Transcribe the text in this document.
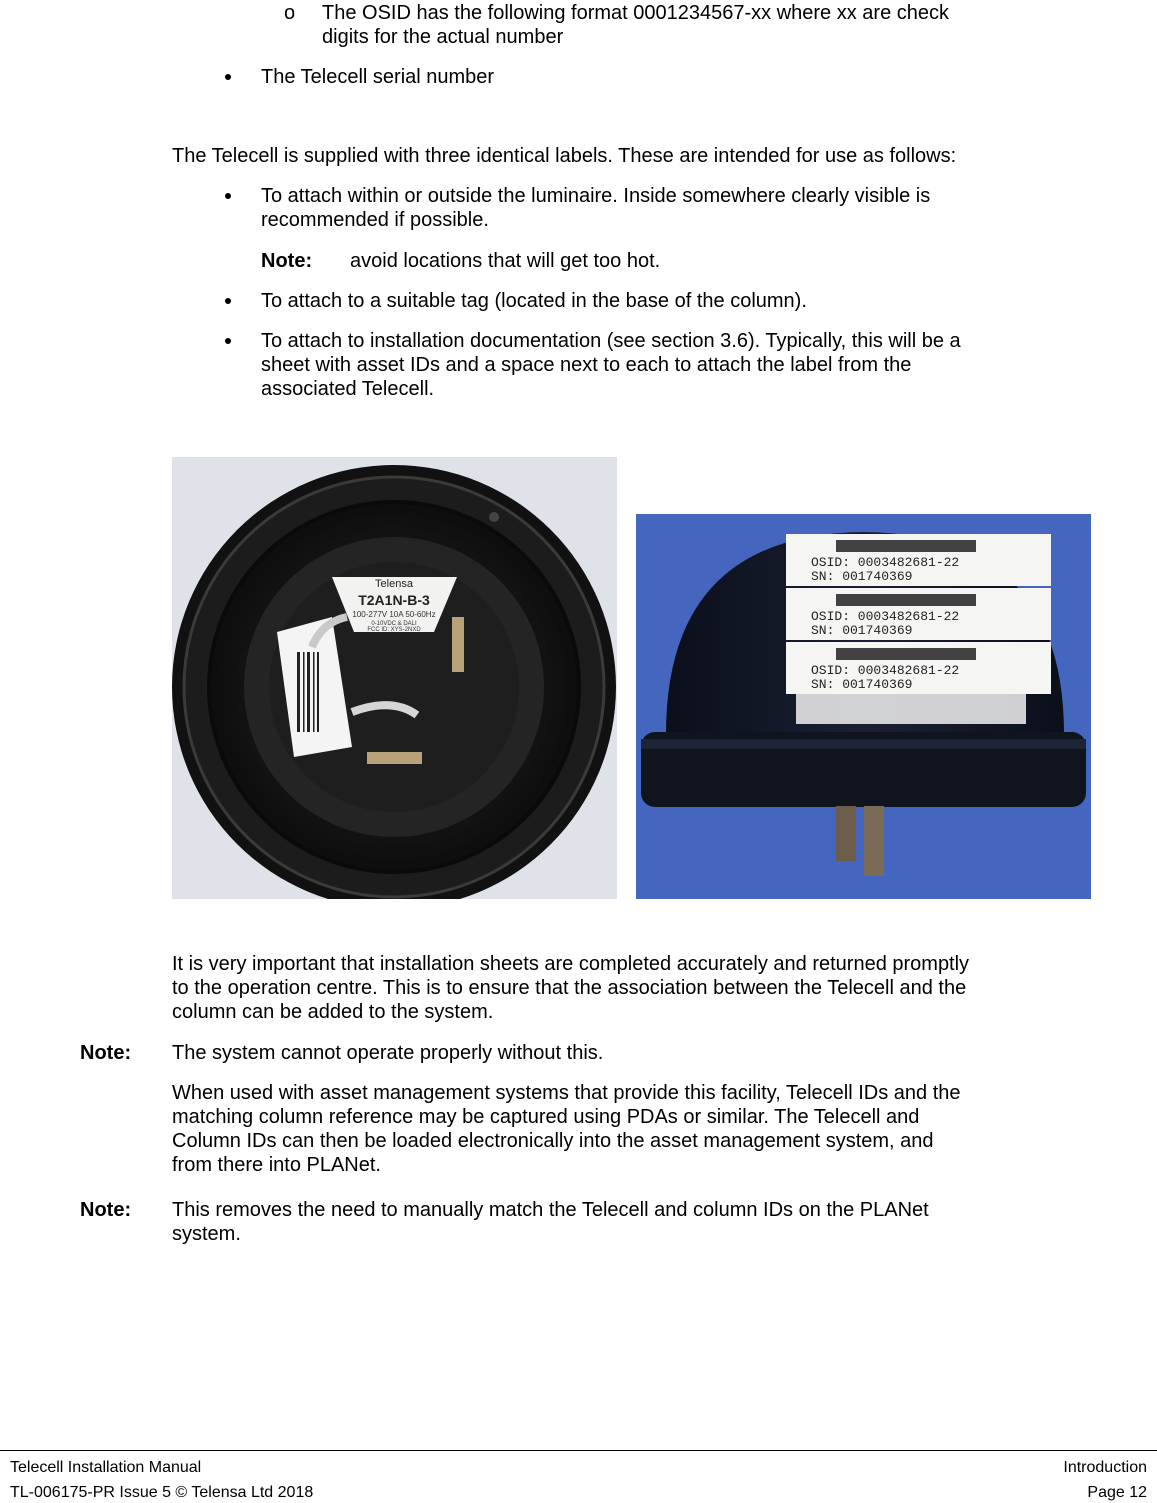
o The OSID has the following format 0001234567-xx where xx are check
digits for the actual number
The Telecell serial number
The Telecell is supplied with three identical labels. These are intended for use as follows:
To attach within or outside the luminaire. Inside somewhere clearly visible is
recommended if possible.
Note: avoid locations that will get too hot.
To attach to a suitable tag (located in the base of the column).
To attach to installation documentation (see section 3.6). Typically, this will be a
sheet with asset IDs and a space next to each to attach the label from the
associated Telecell.
Telensa
T2A1N-B-3
100-277V 10A 50-60Hz
0-10VDC & DALI
FCC ID: XYS-2NXD
OSID: 0003482681-22
SN: 001740369
OSID: 0003482681-22
SN: 001740369
OSID: 0003482681-22
SN: 001740369
It is very important that installation sheets are completed accurately and returned promptly
to the operation centre. This is to ensure that the association between the Telecell and the
column can be added to the system.
Note: The system cannot operate properly without this.
When used with asset management systems that provide this facility, Telecell IDs and the
matching column reference may be captured using PDAs or similar. The Telecell and
Column IDs can then be loaded electronically into the asset management system, and
from there into PLANet.
Note: This removes the need to manually match the Telecell and column IDs on the PLANet
system.
Telecell Installation Manual	Introduction
TL-006175-PR Issue 5 © Telensa Ltd 2018	Page 12
